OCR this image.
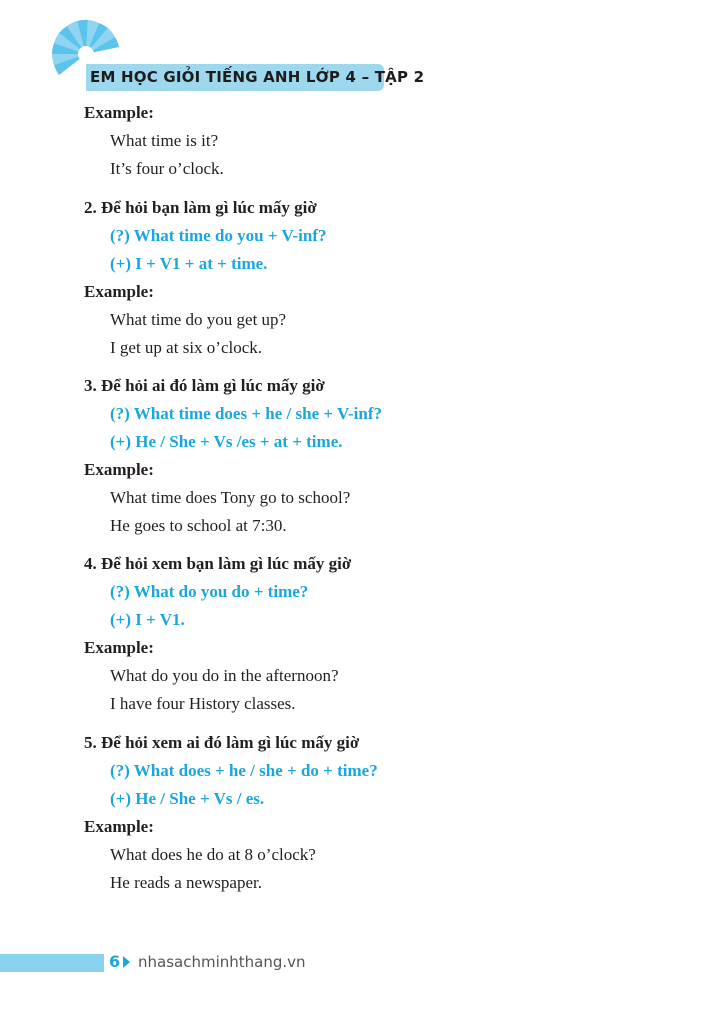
EM HỌC GIỎI TIẾNG ANH LỚP 4 – TẬP 2
Example:
What time is it?
It’s four o’clock.
2. Để hỏi bạn làm gì lúc mấy giờ
(?) What time do you + V-inf?
(+) I + V1 + at + time.
Example:
What time do you get up?
I get up at six o’clock.
3. Để hỏi ai đó làm gì lúc mấy giờ
(?) What time does + he / she + V-inf?
(+) He / She + Vs /es + at + time.
Example:
What time does Tony go to school?
He goes to school at 7:30.
4. Để hỏi xem bạn làm gì lúc mấy giờ
(?) What do you do + time?
(+) I + V1.
Example:
What do you do in the afternoon?
I have four History classes.
5. Để hỏi xem ai đó làm gì lúc mấy giờ
(?) What does + he / she + do + time?
(+) He / She + Vs / es.
Example:
What does he do at 8 o’clock?
He reads a newspaper.
6 nhasachminhthang.vn
